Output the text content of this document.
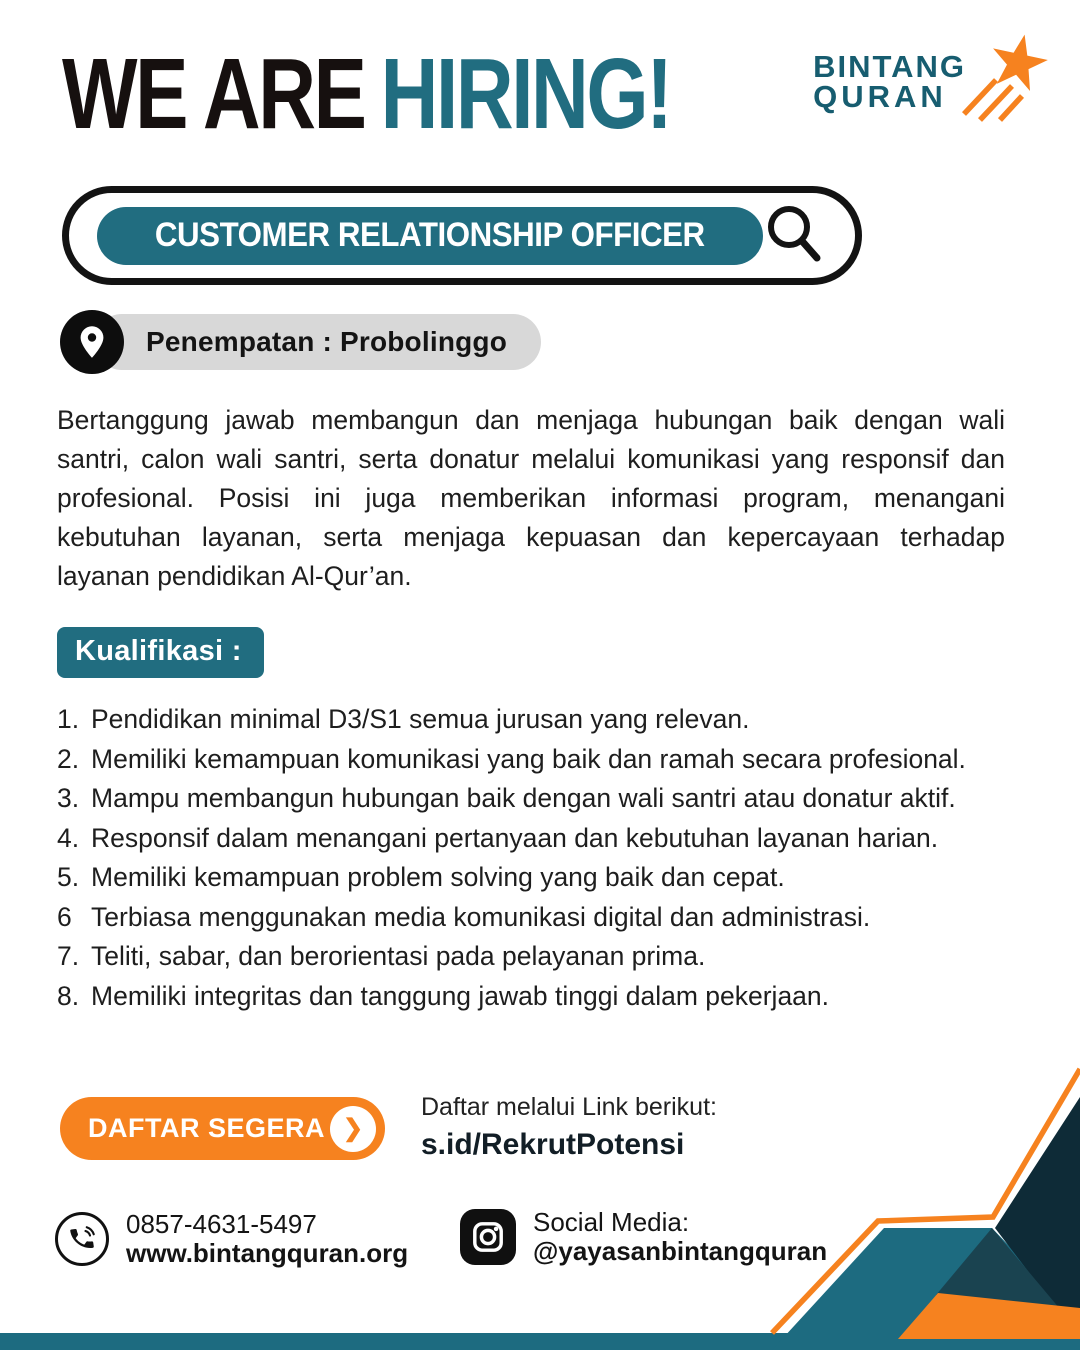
WE ARE HIRING!	BINTANG
QURAN
CUSTOMER RELATIONSHIP OFFICER
Penempatan : Probolinggo

Bertanggung jawab membangun dan menjaga hubungan baik dengan wali santri, calon wali santri, serta donatur melalui komunikasi yang responsif dan profesional. Posisi ini juga memberikan informasi program, menangani kebutuhan layanan, serta menjaga kepuasan dan kepercayaan terhadap layanan pendidikan Al-Qur’an.

Kualifikasi :
1. Pendidikan minimal D3/S1 semua jurusan yang relevan.
2. Memiliki kemampuan komunikasi yang baik dan ramah secara profesional.
3. Mampu membangun hubungan baik dengan wali santri atau donatur aktif.
4. Responsif dalam menangani pertanyaan dan kebutuhan layanan harian.
5. Memiliki kemampuan problem solving yang baik dan cepat.
6 Terbiasa menggunakan media komunikasi digital dan administrasi.
7. Teliti, sabar, dan berorientasi pada pelayanan prima.
8. Memiliki integritas dan tanggung jawab tinggi dalam pekerjaan.
DAFTAR SEGERA ❯
Daftar melalui Link berikut:
s.id/RekrutPotensi
0857-4631-5497
www.bintangquran.org
Social Media:
@yayasanbintangquran
